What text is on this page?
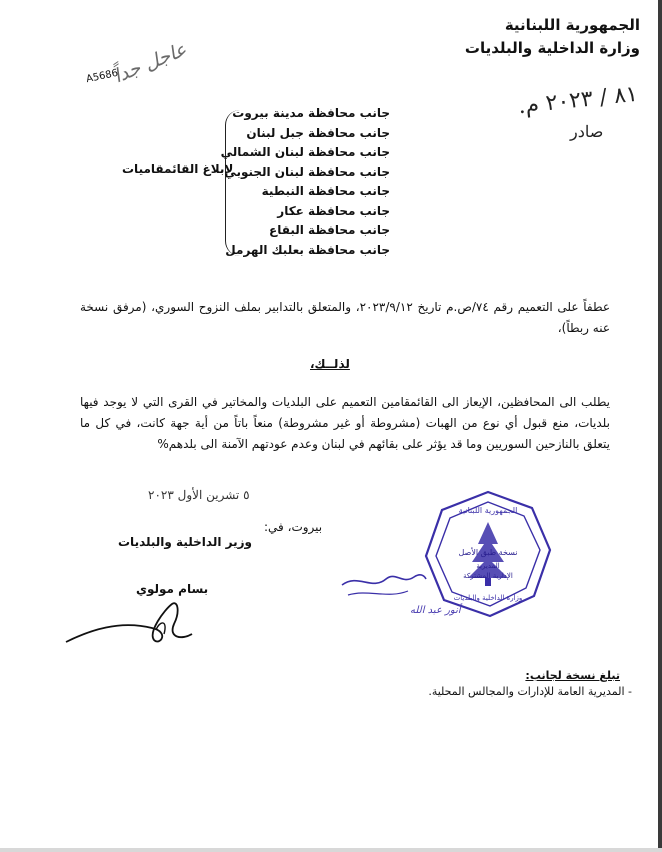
الجمهورية اللبنانية
وزارة الداخلية والبلديات
A5686
عاجل جداً
٨١ / ٢٠٢٣ م.
صادر
جانب محافظة مدينة بيروت
جانب محافظة جبل لبنان
جانب محافظة لبنان الشمالي
جانب محافظة لبنان الجنوبي
جانب محافظة النبطية
جانب محافظة عكار
جانب محافظة البقاع
جانب محافظة بعلبك الهرمل
لإبلاغ القائمقاميات
عطفاً على التعميم رقم ٧٤/ص.م تاريخ ٢٠٢٣/٩/١٢، والمتعلق بالتدابير بملف النزوح السوري، (مرفق نسخة عنه ربطاً)،
لذلــك،
يطلب الى المحافظين، الإيعاز الى القائمقامين التعميم على البلديات والمخاتير في القرى التي لا يوجد فيها بلديات، منع قبول أي نوع من الهبات (مشروطة أو غير مشروطة) منعاً باتاً من أية جهة كانت، في كل ما يتعلق بالنازحين السوريين وما قد يؤثر على بقائهم في لبنان وعدم عودتهم الآمنة الى بلدهم%
٥ تشرين الأول ٢٠٢٣
بيروت، في:
وزير الداخلية والبلديات
بسام مولوي
الجمهورية اللبنانية
نسخة طبق الأصل
المديرية
الإدارية المشتركة
وزارة الداخلية والبلديات
أنور عبد الله
تبلغ نسخة لجانب:
- المديرية العامة للإدارات والمجالس المحلية.
